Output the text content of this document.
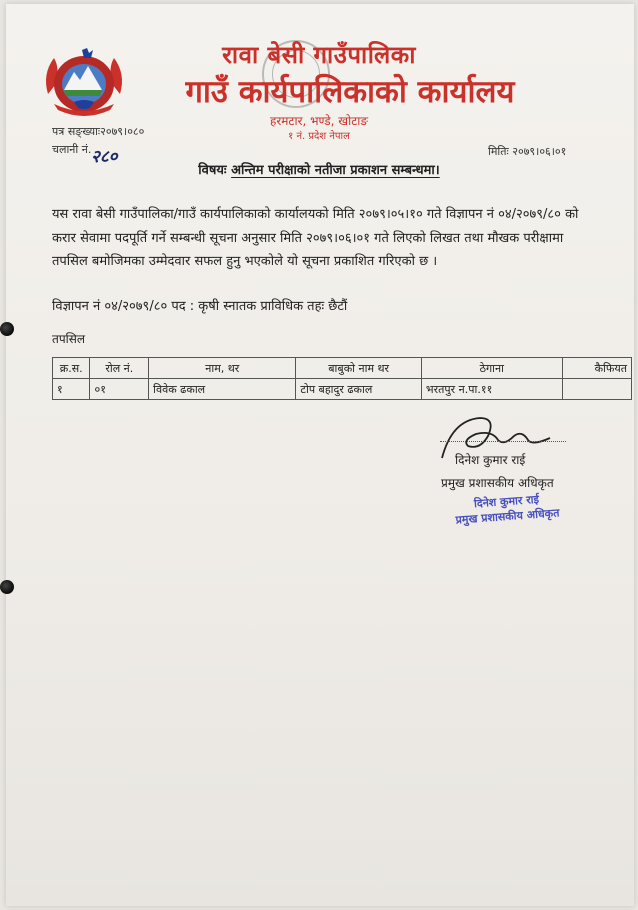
रावा बेसी गाउँपालिका
गाउँ कार्यपालिकाको कार्यालय
हरमटार, भण्डे, खोटाङ
१ नं. प्रदेश नेपाल
पत्र सङ्ख्याः२०७९।०८०
चलानी नं. २८०	मितिः २०७९।०६।०१
विषयः अन्तिम परीक्षाको नतीजा प्रकाशन सम्बन्धमा।
यस रावा बेसी गाउँपालिका/गाउँ कार्यपालिकाको कार्यालयको मिति २०७९।०५।१० गते विज्ञापन नं ०४/२०७९/८० को करार सेवामा पदपूर्ति गर्ने सम्बन्धी सूचना अनुसार मिति २०७९।०६।०१ गते लिएको लिखत तथा मौखक परीक्षामा तपसिल बमोजिमका उम्मेदवार सफल हुनु भएकोले यो सूचना प्रकाशित गरिएको छ ।
विज्ञापन नं ०४/२०७९/८० पद : कृषी स्नातक प्राविधिक तहः छैटौं
तपसिल
क्र.स.	रोल नं.	नाम, थर	बाबुको नाम थर	ठेगाना	कैफियत
१	०१	विवेक ढकाल	टोप बहादुर ढकाल	भरतपुर न.पा.११	
दिनेश कुमार राई
प्रमुख प्रशासकीय अधिकृत
दिनेश कुमार राई
प्रमुख प्रशासकीय अधिकृत
